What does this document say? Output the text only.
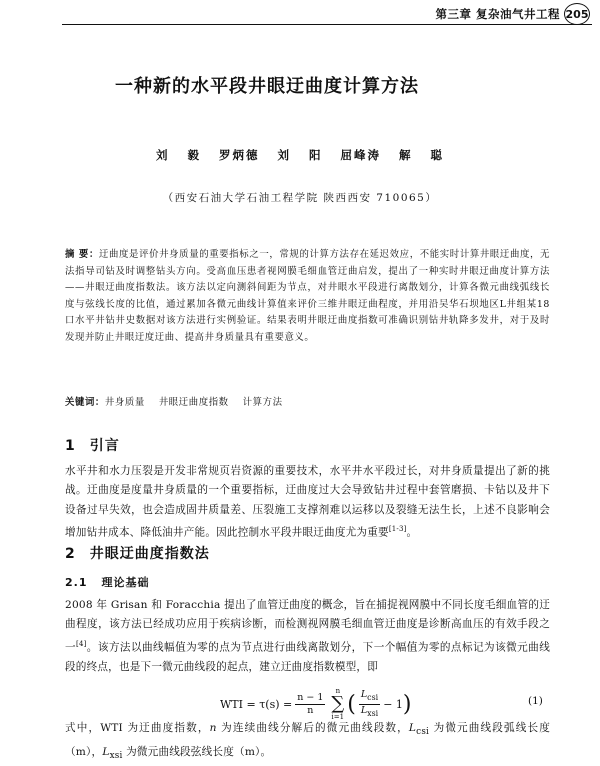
第三章 复杂油气井工程 205
一种新的水平段井眼迂曲度计算方法
刘 毅 罗炳德 刘 阳 屈峰涛 解 聪
（西安石油大学石油工程学院 陕西西安 710065）
摘 要：迂曲度是评价井身质量的重要指标之一，常规的计算方法存在延迟效应，不能实时计算井眼迂曲度，无法指导司钻及时调整钻头方向。受高血压患者视网膜毛细血管迂曲启发，提出了一种实时井眼迂曲度计算方法——井眼迂曲度指数法。该方法以定向测斜间距为节点，对井眼水平段进行离散划分，计算各微元曲线弧线长度与弦线长度的比值，通过累加各微元曲线计算值来评价三维井眼迂曲程度，并用沿吴华石坝地区L井组某18口水平井钻井史数据对该方法进行实例验证。结果表明井眼迂曲度指数可准确识别钻井轨降多发井，对于及时发现并防止井眼迂度迂曲、提高井身质量具有重要意义。
关键词：井身质量 井眼迂曲度指数 计算方法
1 引言
水平井和水力压裂是开发非常规页岩资源的重要技术，水平井水平段过长，对井身质量提出了新的挑战。迂曲度是度量井身质量的一个重要指标，迂曲度过大会导致钻井过程中套管磨损、卡钻以及井下设备过早失效，也会造成固井质量差、压裂施工支撑剂难以运移以及裂缝无法生长，上述不良影响会增加钻井成本、降低油井产能。因此控制水平段井眼迂曲度尤为重要[1-3]。
2 井眼迂曲度指数法
2.1 理论基础
2008 年 Grisan 和 Foracchia 提出了血管迂曲度的概念，旨在捕捉视网膜中不同长度毛细血管的迂曲程度，该方法已经成功应用于疾病诊断，而检测视网膜毛细血管迂曲度是诊断高血压的有效手段之一[4]。该方法以曲线幅值为零的点为节点进行曲线离散划分，下一个幅值为零的点标记为该微元曲线段的终点，也是下一微元曲线段的起点，建立迂曲度指数模型，即
WTI = $\tau(s) = \frac{n - 1}{n}$
n
∑
i=1
( $\frac{L_{csi}}{L_{xsi}} - 1$ )	(1)
式中，WTI 为迂曲度指数，n 为连续曲线分解后的微元曲线段数，$L_{csi}$ 为微元曲线段弧线长度（m），$L_{xsi}$ 为微元曲线段弦线长度（m）。
